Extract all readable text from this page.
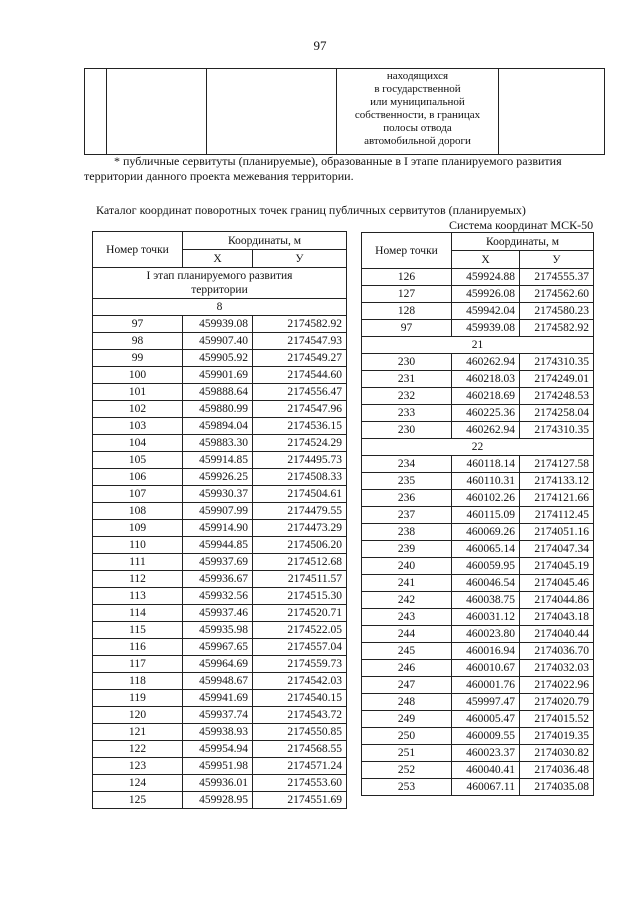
97

находящихся
в государственной
или муниципальной
собственности, в границах
полосы отвода
автомобильной дороги

* публичные сервитуты (планируемые), образованные в I этапе планируемого развития
территории данного проекта межевания территории.
Каталог координат поворотных точек границ публичных сервитутов (планируемых)
Система координат МСК-50
Номер точки	Координаты, м	
	X	У
I этап планируемого развития территории		
8		
97	459939.08	2174582.92
98	459907.40	2174547.93
99	459905.92	2174549.27
100	459901.69	2174544.60
101	459888.64	2174556.47
102	459880.99	2174547.96
103	459894.04	2174536.15
104	459883.30	2174524.29
105	459914.85	2174495.73
106	459926.25	2174508.33
107	459930.37	2174504.61
108	459907.99	2174479.55
109	459914.90	2174473.29
110	459944.85	2174506.20
111	459937.69	2174512.68
112	459936.67	2174511.57
113	459932.56	2174515.30
114	459937.46	2174520.71
115	459935.98	2174522.05
116	459967.65	2174557.04
117	459964.69	2174559.73
118	459948.67	2174542.03
119	459941.69	2174540.15
120	459937.74	2174543.72
121	459938.93	2174550.85
122	459954.94	2174568.55
123	459951.98	2174571.24
124	459936.01	2174553.60
125	459928.95	2174551.69
Номер точки	Координаты, м	
	X	У
126	459924.88	2174555.37
127	459926.08	2174562.60
128	459942.04	2174580.23
97	459939.08	2174582.92
21		
230	460262.94	2174310.35
231	460218.03	2174249.01
232	460218.69	2174248.53
233	460225.36	2174258.04
230	460262.94	2174310.35
22		
234	460118.14	2174127.58
235	460110.31	2174133.12
236	460102.26	2174121.66
237	460115.09	2174112.45
238	460069.26	2174051.16
239	460065.14	2174047.34
240	460059.95	2174045.19
241	460046.54	2174045.46
242	460038.75	2174044.86
243	460031.12	2174043.18
244	460023.80	2174040.44
245	460016.94	2174036.70
246	460010.67	2174032.03
247	460001.76	2174022.96
248	459997.47	2174020.79
249	460005.47	2174015.52
250	460009.55	2174019.35
251	460023.37	2174030.82
252	460040.41	2174036.48
253	460067.11	2174035.08
